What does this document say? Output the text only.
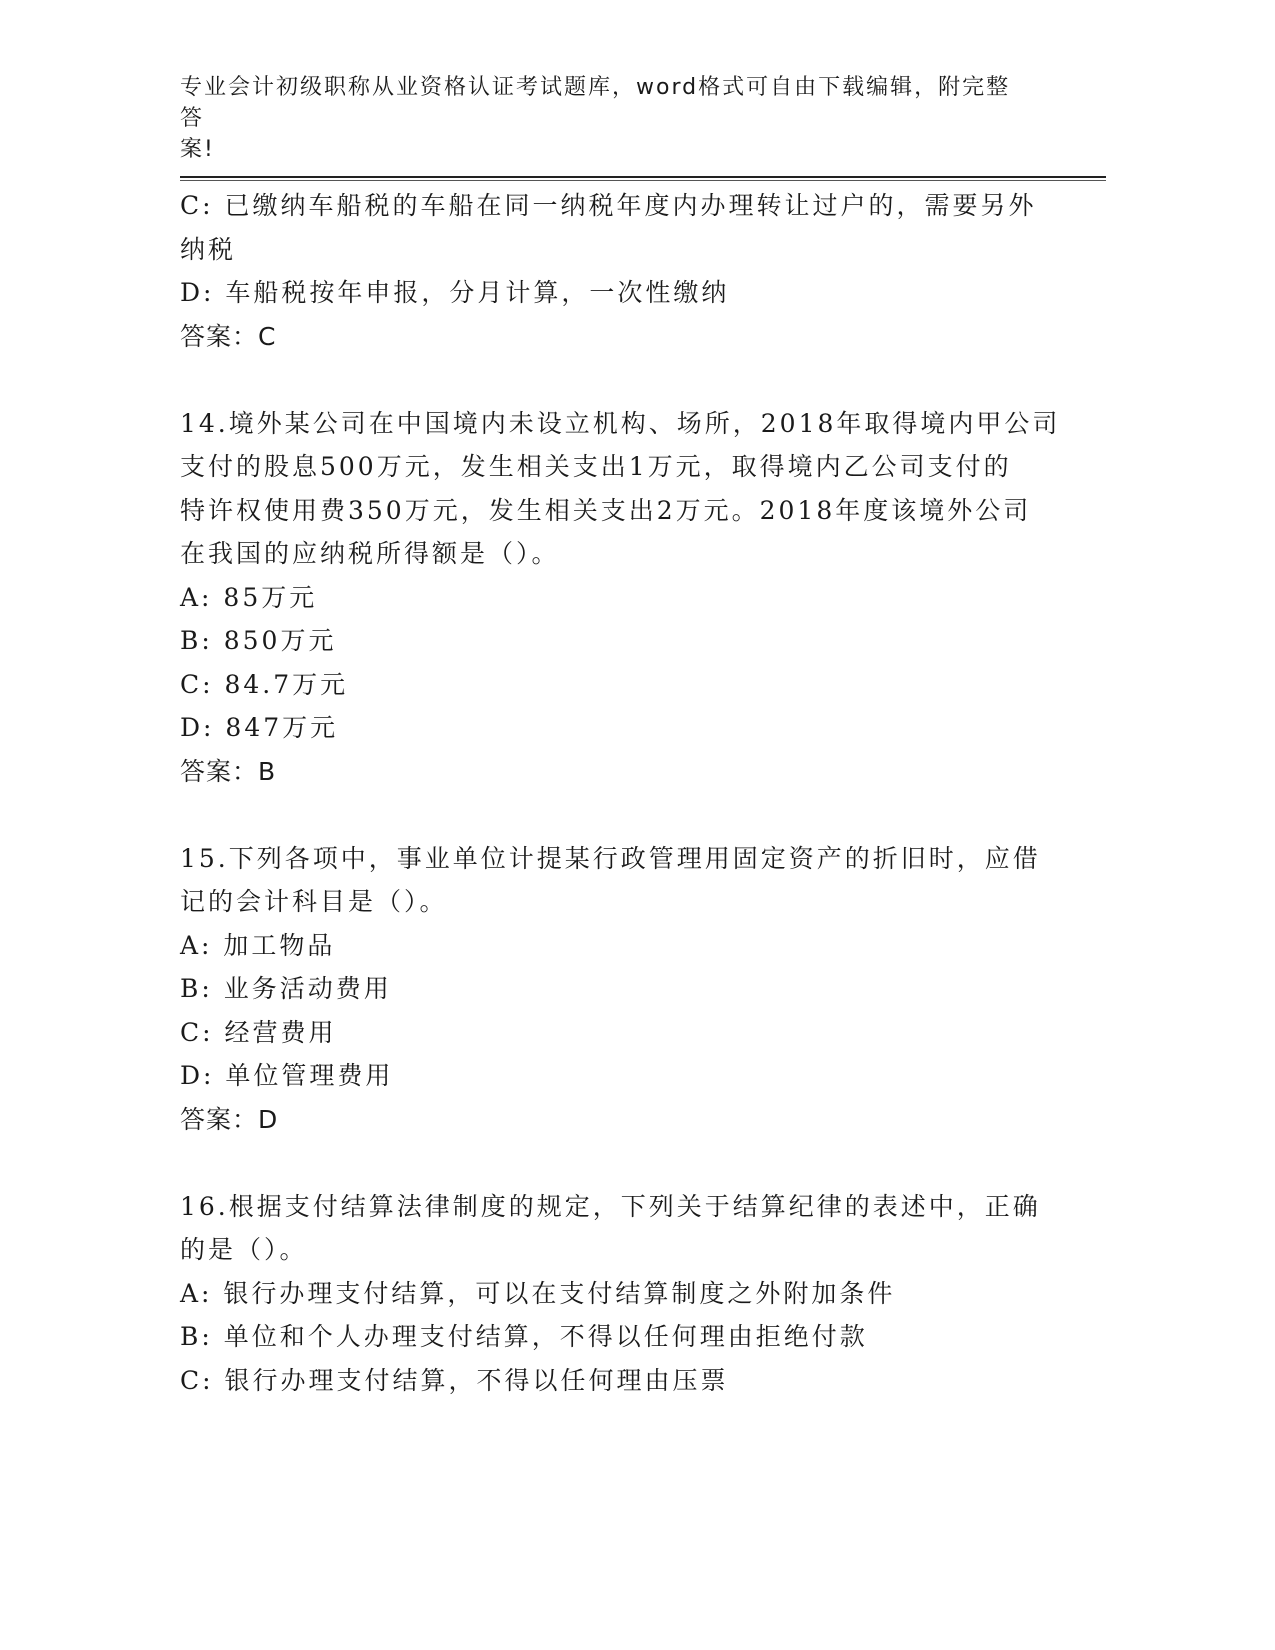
专业会计初级职称从业资格认证考试题库，word格式可自由下载编辑，附完整答
案!
C: 已缴纳车船税的车船在同一纳税年度内办理转让过户的，需要另外
纳税
D: 车船税按年申报，分月计算，一次性缴纳
答案：C
14.境外某公司在中国境内未设立机构、场所，2018年取得境内甲公司
支付的股息500万元，发生相关支出1万元，取得境内乙公司支付的
特许权使用费350万元，发生相关支出2万元。2018年度该境外公司
在我国的应纳税所得额是（）。
A: 85万元
B: 850万元
C: 84.7万元
D: 847万元
答案：B
15.下列各项中，事业单位计提某行政管理用固定资产的折旧时，应借
记的会计科目是（）。
A: 加工物品
B: 业务活动费用
C: 经营费用
D: 单位管理费用
答案：D
16.根据支付结算法律制度的规定，下列关于结算纪律的表述中，正确
的是（）。
A: 银行办理支付结算，可以在支付结算制度之外附加条件
B: 单位和个人办理支付结算，不得以任何理由拒绝付款
C: 银行办理支付结算，不得以任何理由压票
